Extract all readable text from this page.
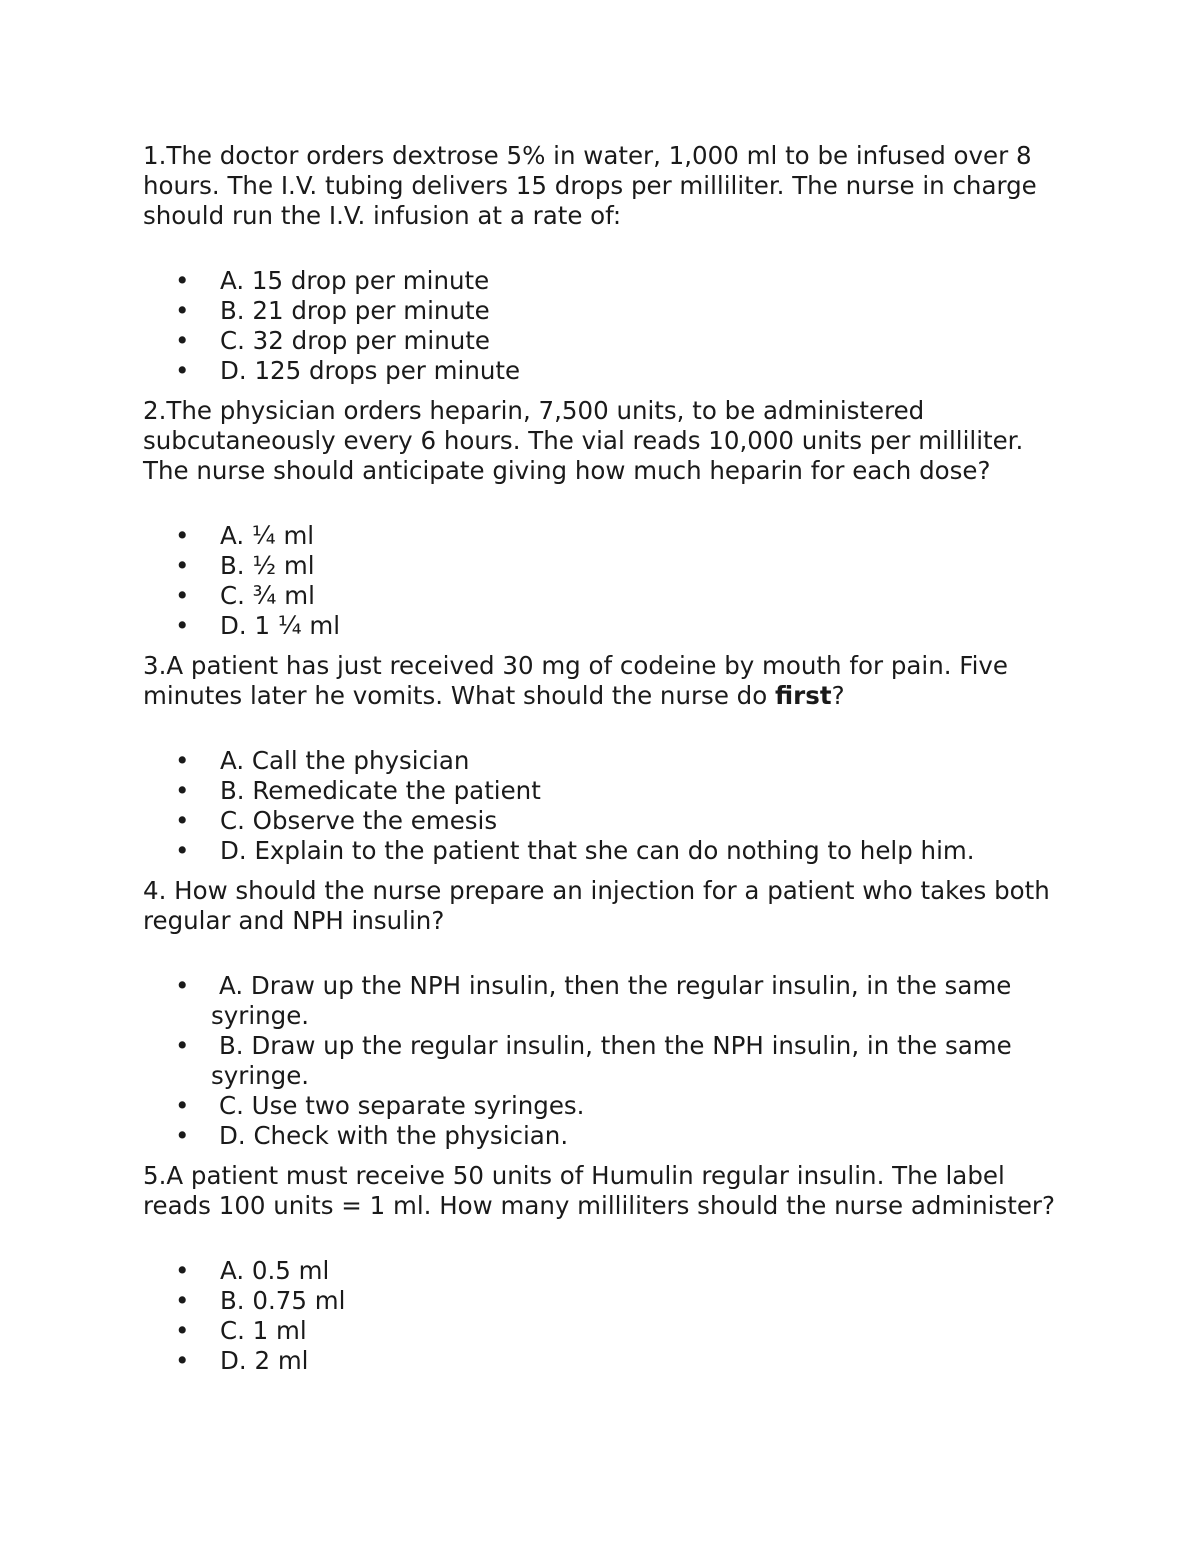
1.The doctor orders dextrose 5% in water, 1,000 ml to be infused over 8 hours. The I.V. tubing delivers 15 drops per milliliter. The nurse in charge should run the I.V. infusion at a rate of:

• A. 15 drop per minute
• B. 21 drop per minute
• C. 32 drop per minute
• D. 125 drops per minute

2.The physician orders heparin, 7,500 units, to be administered subcutaneously every 6 hours. The vial reads 10,000 units per milliliter. The nurse should anticipate giving how much heparin for each dose?

• A. ¼ ml
• B. ½ ml
• C. ¾ ml
• D. 1 ¼ ml

3.A patient has just received 30 mg of codeine by mouth for pain. Five minutes later he vomits. What should the nurse do first?

• A. Call the physician
• B. Remedicate the patient
• C. Observe the emesis
• D. Explain to the patient that she can do nothing to help him.

4. How should the nurse prepare an injection for a patient who takes both regular and NPH insulin?

• A. Draw up the NPH insulin, then the regular insulin, in the same syringe.
• B. Draw up the regular insulin, then the NPH insulin, in the same syringe.
• C. Use two separate syringes.
• D. Check with the physician.

5.A patient must receive 50 units of Humulin regular insulin. The label reads 100 units = 1 ml. How many milliliters should the nurse administer?

• A. 0.5 ml
• B. 0.75 ml
• C. 1 ml
• D. 2 ml
